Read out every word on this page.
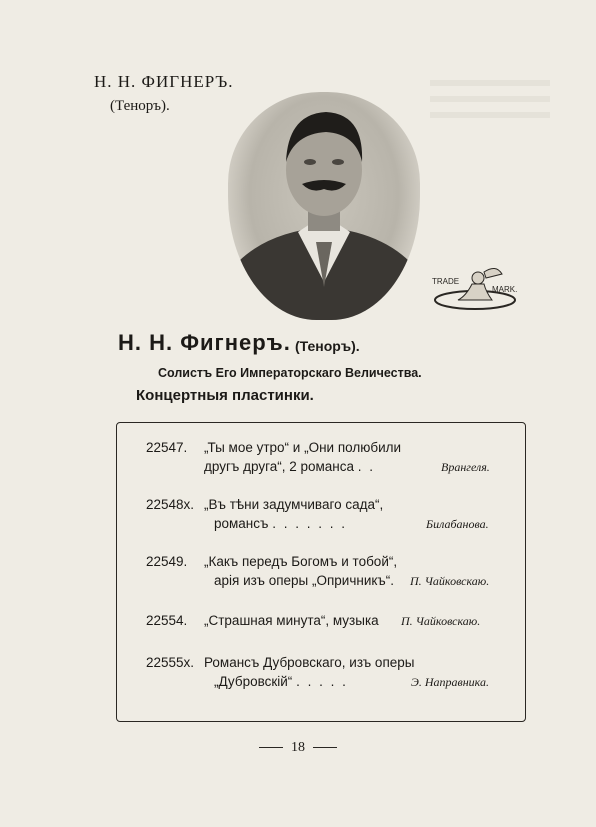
Н. Н. ФИГНЕРЪ.
(Теноръ).
TRADE
MARK.
Н. Н. Фигнеръ. (Теноръ).
Солистъ Его Императорскаго Величества.
Концертныя пластинки.
22547. „Ты мое утро“ и „Они полюбили
другъ друга“, 2 романса . .	Врангеля.
22548x. „Въ тѣни задумчиваго сада“,
романсъ . . . . . . .	Билабанова.
22549. „Какъ передъ Богомъ и тобой“,
арія изъ оперы „Опричникъ“. П. Чайковскаю.
22554. „Страшная минута“, музыка П. Чайковскаю.
22555x. Романсъ Дубровскаго, изъ оперы
„Дубровскій“ . . . . .	Э. Направника.
18
